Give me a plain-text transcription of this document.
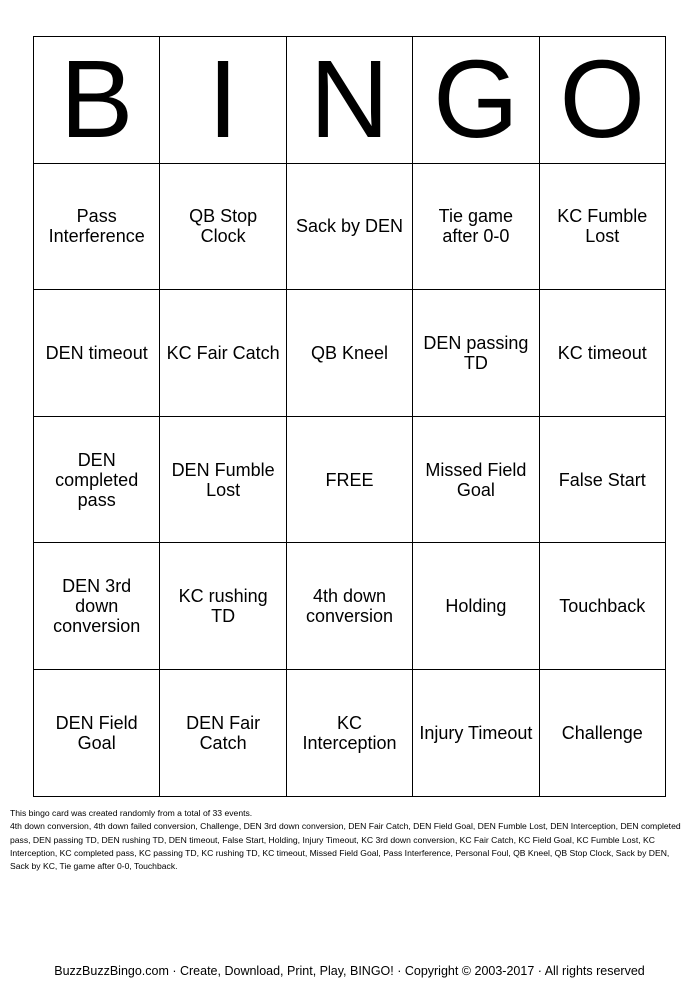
B	I	N	G	O
Pass Interference	QB Stop Clock	Sack by DEN	Tie game after 0-0	KC Fumble Lost
DEN timeout	KC Fair Catch	QB Kneel	DEN passing TD	KC timeout
DEN completed pass	DEN Fumble Lost	FREE	Missed Field Goal	False Start
DEN 3rd down conversion	KC rushing TD	4th down conversion	Holding	Touchback
DEN Field Goal	DEN Fair Catch	KC Interception	Injury Timeout	Challenge

This bingo card was created randomly from a total of 33 events.

4th down conversion, 4th down failed conversion, Challenge, DEN 3rd down conversion, DEN Fair Catch, DEN Field Goal, DEN Fumble Lost, DEN Interception, DEN completed pass, DEN passing TD, DEN rushing TD, DEN timeout, False Start, Holding, Injury Timeout, KC 3rd down conversion, KC Fair Catch, KC Field Goal, KC Fumble Lost, KC Interception, KC completed pass, KC passing TD, KC rushing TD, KC timeout, Missed Field Goal, Pass Interference, Personal Foul, QB Kneel, QB Stop Clock, Sack by DEN, Sack by KC, Tie game after 0-0, Touchback.

BuzzBuzzBingo.com · Create, Download, Print, Play, BINGO! · Copyright © 2003-2017 · All rights reserved
